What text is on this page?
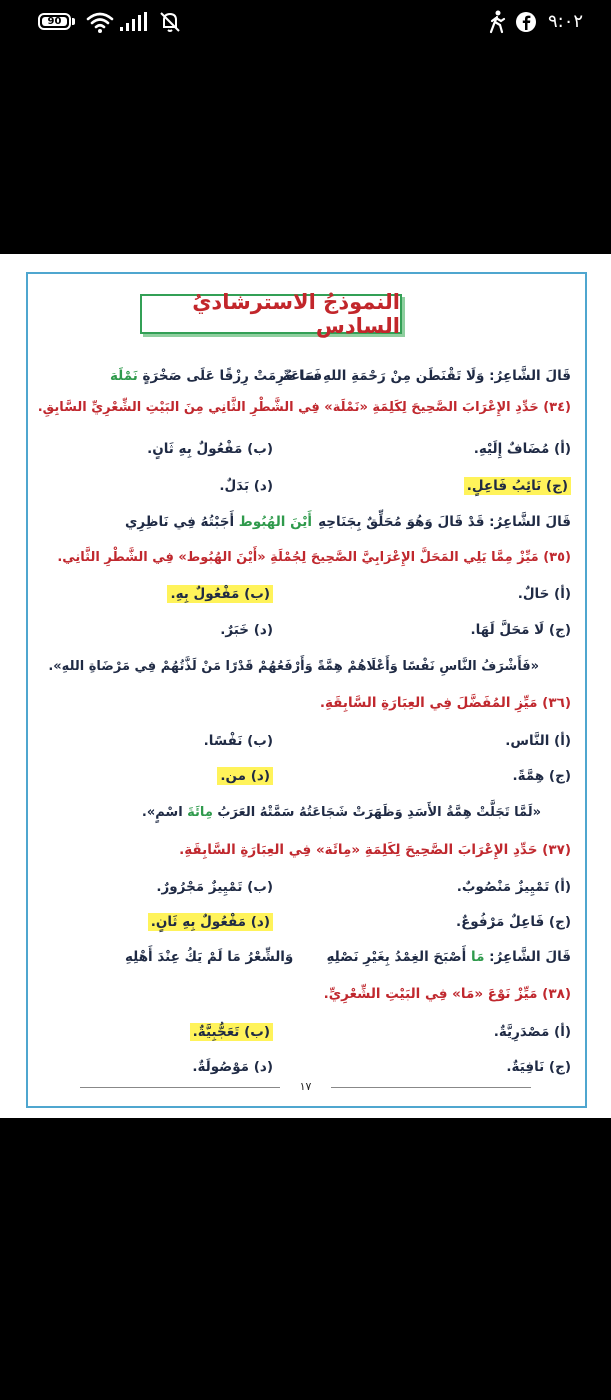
90	٩:٠٢
النموذجُ الاسترشاديُ السادس
قَالَ الشَّاعِرُ: وَلَا تَقْنَطَن مِنْ رَحْمَةِ اللهِ سَاعَةً
فَمَا حُرِمَتْ رِزْقًا عَلَى صَخْرَةٍ نَمْلَة
(٣٤) حَدِّدِ الإِعْرَابَ الصَّحِيحَ لِكَلِمَةِ «نَمْلَة» فِي الشَّطْرِ الثَّانِي مِنَ البَيْتِ الشِّعْرِيِّ السَّابِقِ.
(أ) مُضَافٌ إِلَيْهِ.
(ب) مَفْعُولٌ بِهِ ثَانٍ.
(ج) نَائِبُ فَاعِلٍ.
(د) بَدَلٌ.
قَالَ الشَّاعِرُ: قَدْ قَالَ وَهُوَ مُحَلِّقٌ بِجَنَاحِهِ
أَيْنَ الهُبُوط أَجَبْتُهُ فِي نَاظِرِي
(٣٥) مَيِّزْ مِمَّا يَلِي المَحَلَّ الإِعْرَابِيَّ الصَّحِيحَ لِجُمْلَةِ «أَيْنَ الهُبُوط» فِي الشَّطْرِ الثَّانِي.
(أ) حَالٌ.
(ب) مَفْعُولٌ بِهِ.
(ج) لَا مَحَلَّ لَهَا.
(د) خَبَرٌ.
«فَأَشْرَفُ النَّاسِ نَفْسًا وَأَعْلَاهُمْ هِمَّةً وَأَرْفَعُهُمْ قَدْرًا مَنْ لَذَّتُهُمْ فِي مَرْضَاةِ اللهِ».
(٣٦) مَيِّزِ المُفَضَّلَ فِي العِبَارَةِ السَّابِقَةِ.
(أ) النَّاس.
(ب) نَفْسًا.
(ج) هِمَّةً.
(د) من.
«لَمَّا تَجَلَّتْ هِمَّةُ الأَسَدِ وَظَهَرَتْ شَجَاعَتُهُ سَمَّتْهُ العَرَبُ مِائَةَ اسْمٍ».
(٣٧) حَدِّدِ الإِعْرَابَ الصَّحِيحَ لِكَلِمَةِ «مِائَة» فِي العِبَارَةِ السَّابِقَةِ.
(أ) تَمْيِيزٌ مَنْصُوبٌ.
(ب) تَمْيِيزٌ مَجْرُورٌ.
(ج) فَاعِلٌ مَرْفُوعٌ.
(د) مَفْعُولٌ بِهِ ثَانٍ.
قَالَ الشَّاعِرُ: مَا أَصْبَحَ الغِمْدُ بِغَيْرِ نَصْلِهِ
وَالشِّعْرُ مَا لَمْ يَكُ عِنْدَ أَهْلِهِ
(٣٨) مَيِّزْ نَوْعَ «مَا» فِي البَيْتِ الشِّعْرِيِّ.
(أ) مَصْدَرِيَّةٌ.
(ب) تَعَجُّبِيَّةٌ.
(ج) نَافِيَةٌ.
(د) مَوْصُولَةٌ.
١٧
